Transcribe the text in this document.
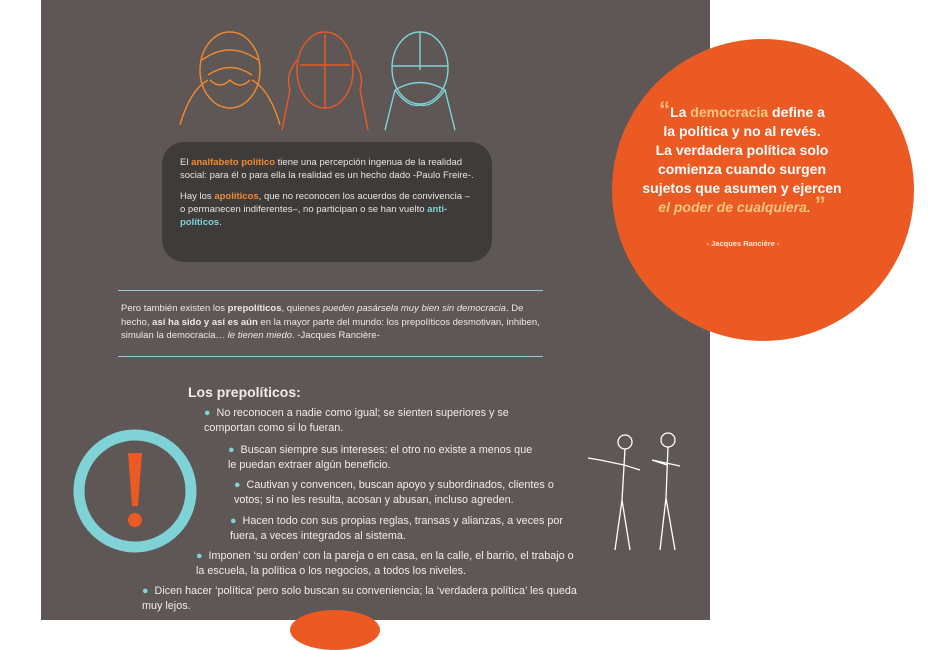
El analfabeto político tiene una percepción ingenua de la realidad social: para él o para ella la realidad es un hecho dado -Paulo Freire-.

Hay los apolíticos, que no reconocen los acuerdos de convivencia –o permanecen indiferentes–, no participan o se han vuelto anti-políticos.

Pero también existen los prepolíticos, quienes pueden pasársela muy bien sin democracia. De hecho, así ha sido y así es aún en la mayor parte del mundo: los prepolíticos desmotivan, inhiben, simulan la democracia… le tienen miedo. -Jacques Rancière-
Los prepolíticos:
● No reconocen a nadie como igual; se sienten superiores y se comportan como si lo fueran.
● Buscan siempre sus intereses: el otro no existe a menos que le puedan extraer algún beneficio.
● Cautivan y convencen, buscan apoyo y subordinados, clientes o votos; si no les resulta, acosan y abusan, incluso agreden.
● Hacen todo con sus propias reglas, transas y alianzas, a veces por fuera, a veces integrados al sistema.
● Imponen ‘su orden’ con la pareja o en casa, en la calle, el barrio, el trabajo o la escuela, la política o los negocios, a todos los niveles.
● Dicen hacer ‘política’ pero solo buscan su conveniencia; la ‘verdadera política’ les queda muy lejos.
“La democracia define a
la política y no al revés.
La verdadera política solo
comienza cuando surgen
sujetos que asumen y ejercen
el poder de cualquiera. ”
- Jacques Rancière -
